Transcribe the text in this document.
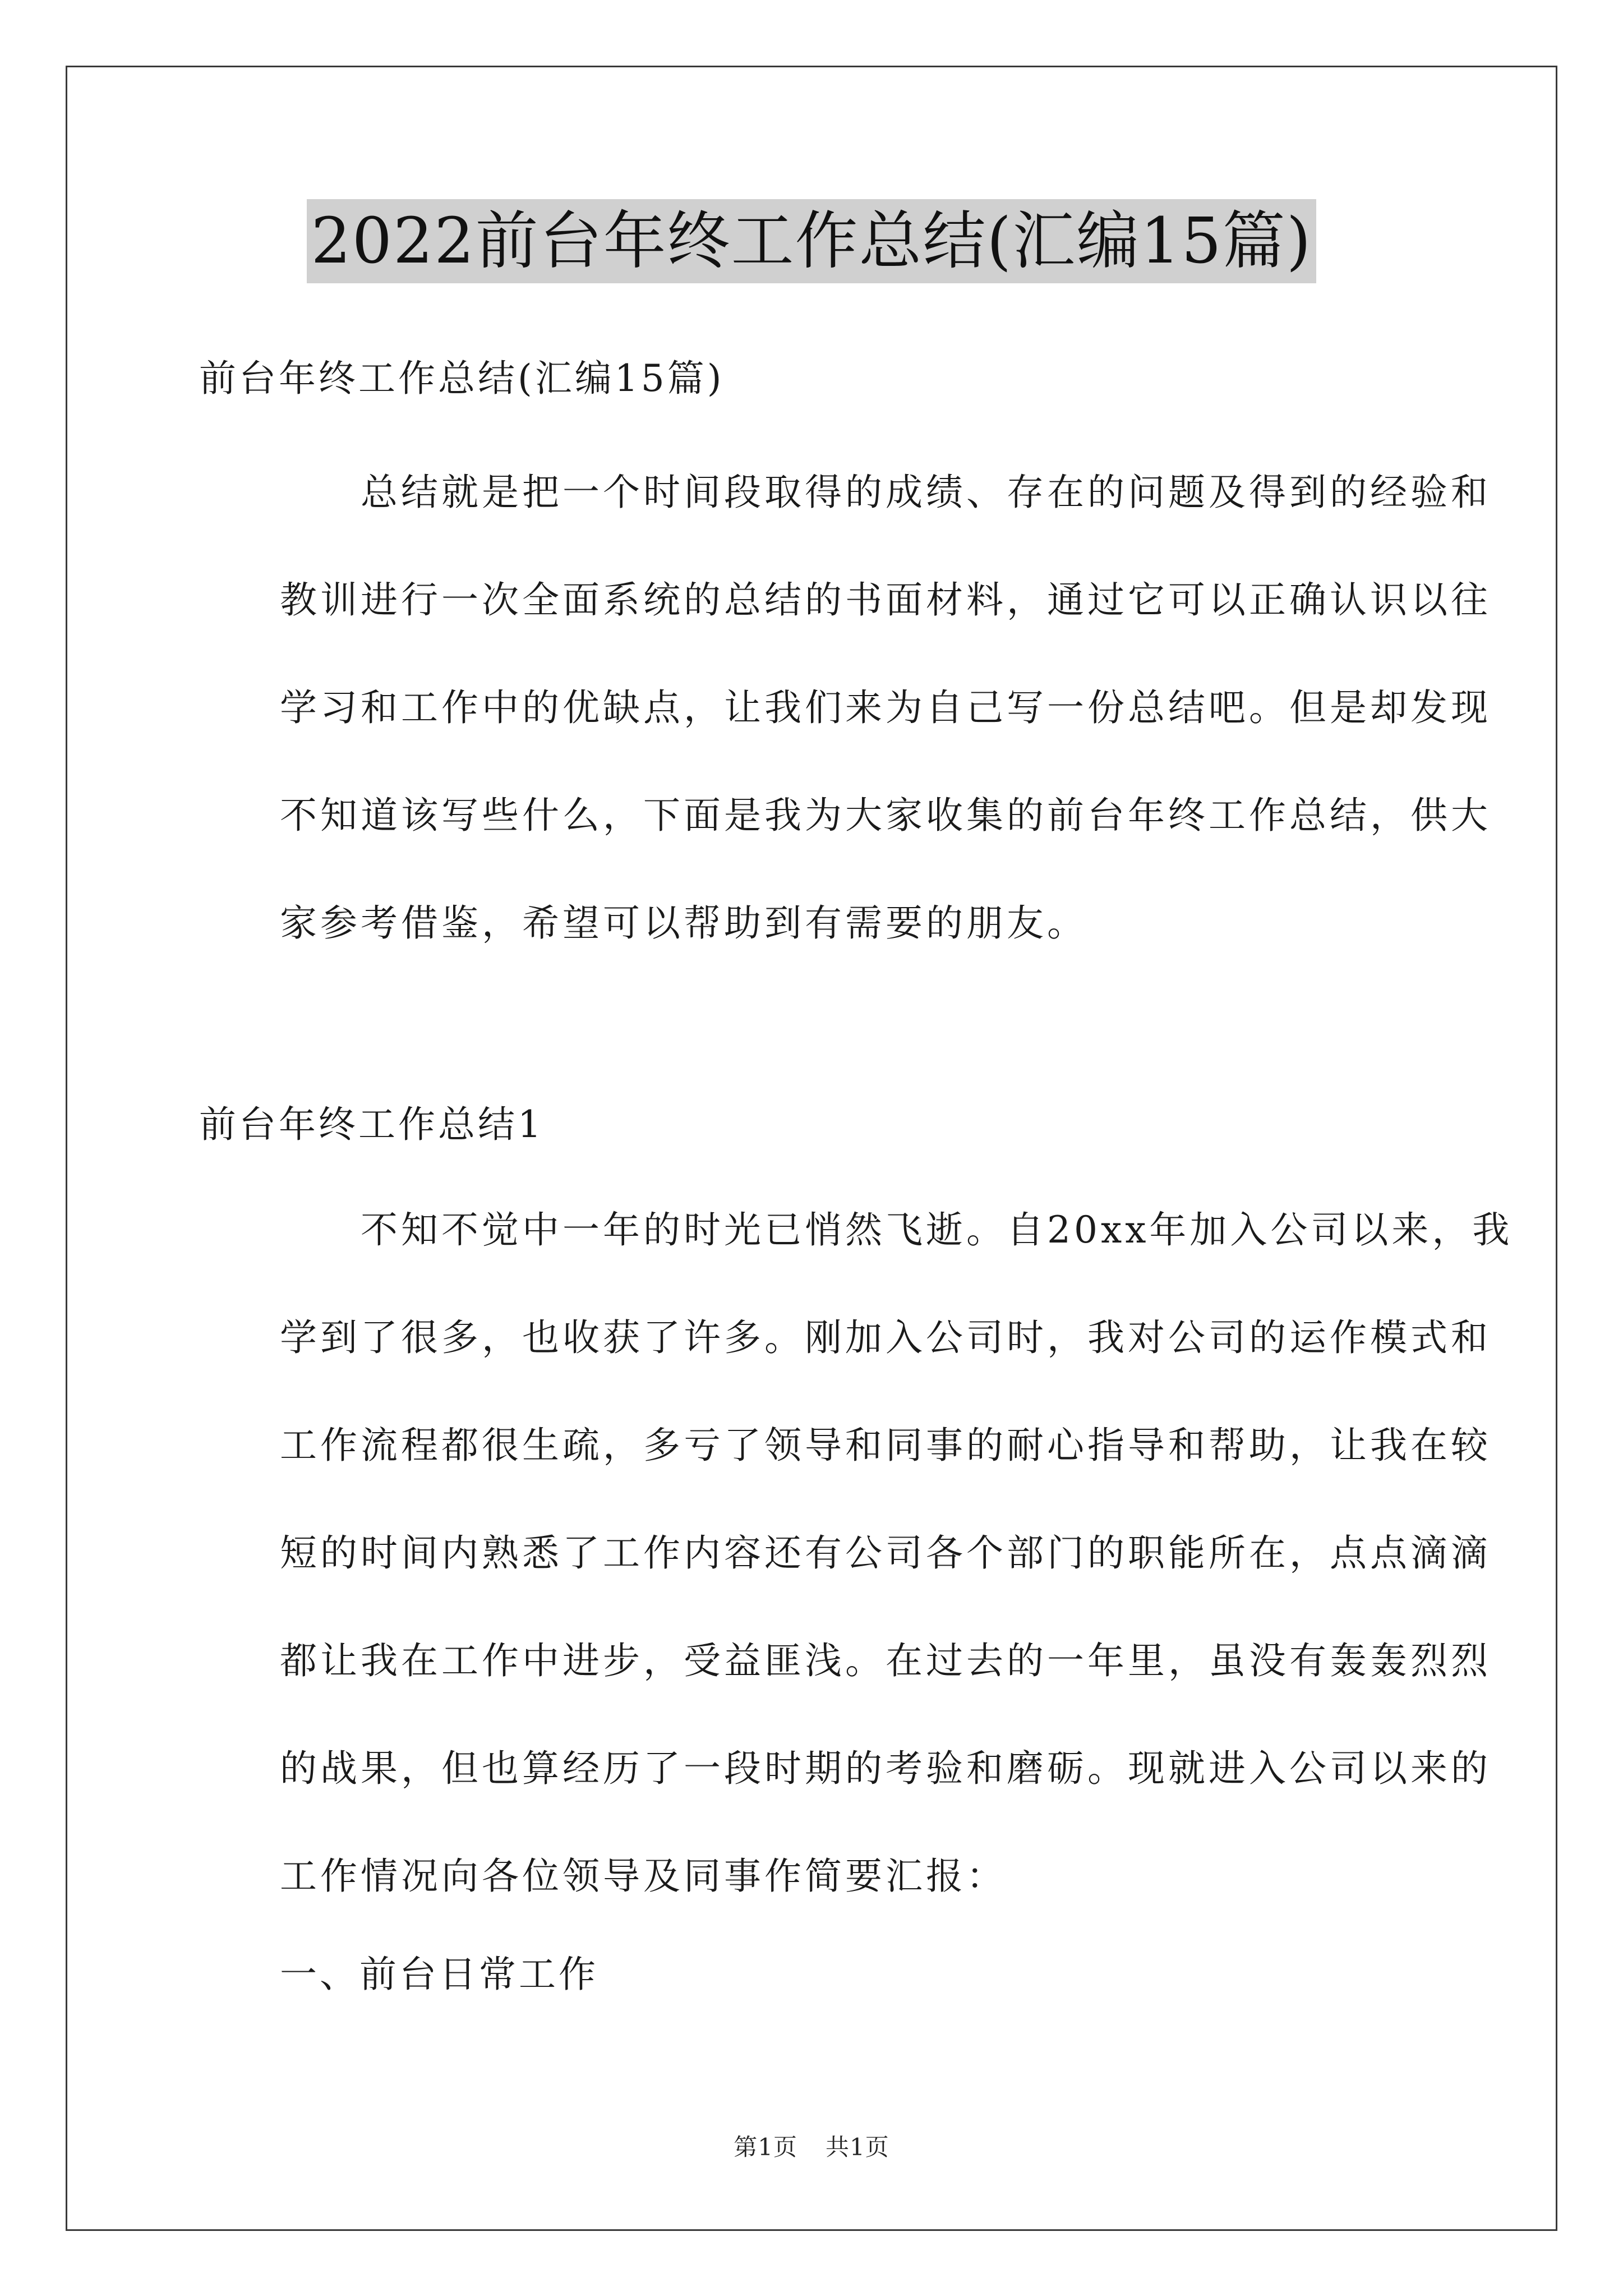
2022前台年终工作总结(汇编15篇)
前台年终工作总结(汇编15篇)
总结就是把一个时间段取得的成绩、存在的问题及得到的经验和
教训进行一次全面系统的总结的书面材料，通过它可以正确认识以往
学习和工作中的优缺点，让我们来为自己写一份总结吧。但是却发现
不知道该写些什么，下面是我为大家收集的前台年终工作总结，供大
家参考借鉴，希望可以帮助到有需要的朋友。
前台年终工作总结1
不知不觉中一年的时光已悄然飞逝。自20xx年加入公司以来，我
学到了很多，也收获了许多。刚加入公司时，我对公司的运作模式和
工作流程都很生疏，多亏了领导和同事的耐心指导和帮助，让我在较
短的时间内熟悉了工作内容还有公司各个部门的职能所在，点点滴滴
都让我在工作中进步，受益匪浅。在过去的一年里，虽没有轰轰烈烈
的战果，但也算经历了一段时期的考验和磨砺。现就进入公司以来的
工作情况向各位领导及同事作简要汇报：
一、前台日常工作
第1页 共1页
